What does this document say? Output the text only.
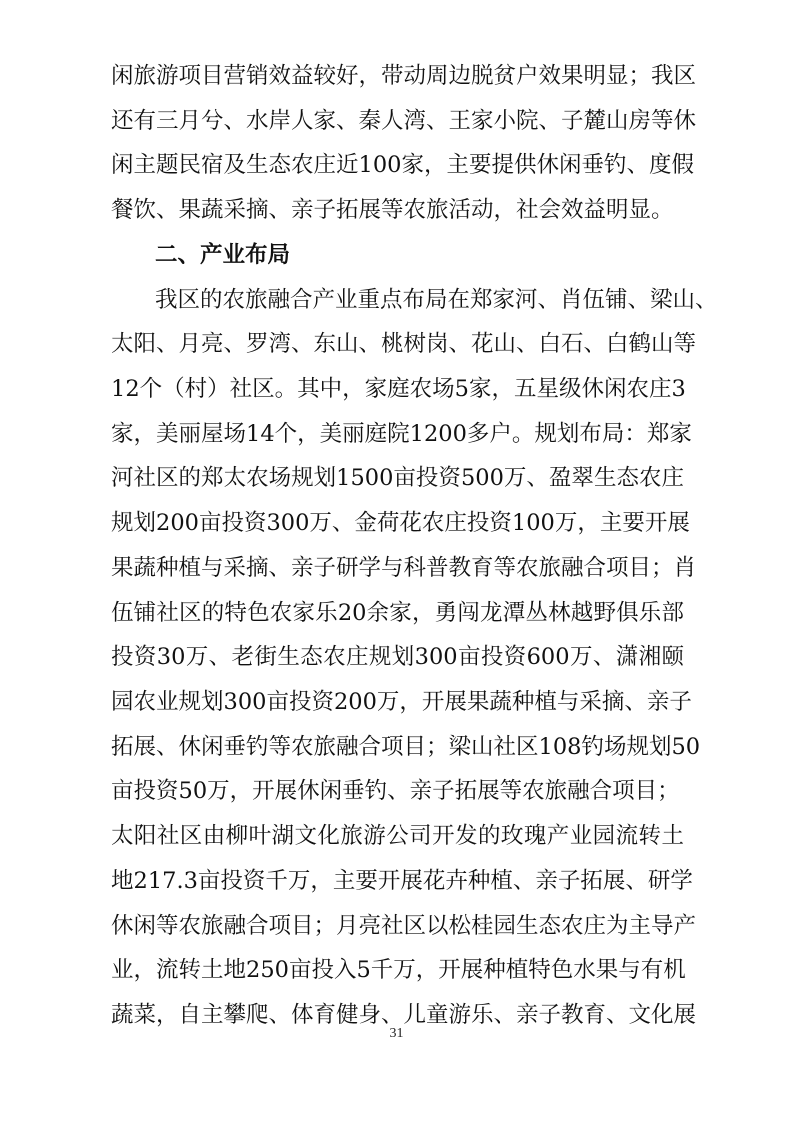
闲旅游项目营销效益较好，带动周边脱贫户效果明显；我区
还有三月兮、水岸人家、秦人湾、王家小院、子麓山房等休
闲主题民宿及生态农庄近100家，主要提供休闲垂钓、度假
餐饮、果蔬采摘、亲子拓展等农旅活动，社会效益明显。
二、产业布局
我区的农旅融合产业重点布局在郑家河、肖伍铺、梁山、
太阳、月亮、罗湾、东山、桃树岗、花山、白石、白鹤山等
12个（村）社区。其中，家庭农场5家，五星级休闲农庄3
家，美丽屋场14个，美丽庭院1200多户。规划布局：郑家
河社区的郑太农场规划1500亩投资500万、盈翠生态农庄
规划200亩投资300万、金荷花农庄投资100万，主要开展
果蔬种植与采摘、亲子研学与科普教育等农旅融合项目；肖
伍铺社区的特色农家乐20余家，勇闯龙潭丛林越野俱乐部
投资30万、老街生态农庄规划300亩投资600万、潇湘颐
园农业规划300亩投资200万，开展果蔬种植与采摘、亲子
拓展、休闲垂钓等农旅融合项目；梁山社区108钓场规划50
亩投资50万，开展休闲垂钓、亲子拓展等农旅融合项目；
太阳社区由柳叶湖文化旅游公司开发的玫瑰产业园流转土
地217.3亩投资千万，主要开展花卉种植、亲子拓展、研学
休闲等农旅融合项目；月亮社区以松桂园生态农庄为主导产
业，流转土地250亩投入5千万，开展种植特色水果与有机
蔬菜，自主攀爬、体育健身、儿童游乐、亲子教育、文化展
31
